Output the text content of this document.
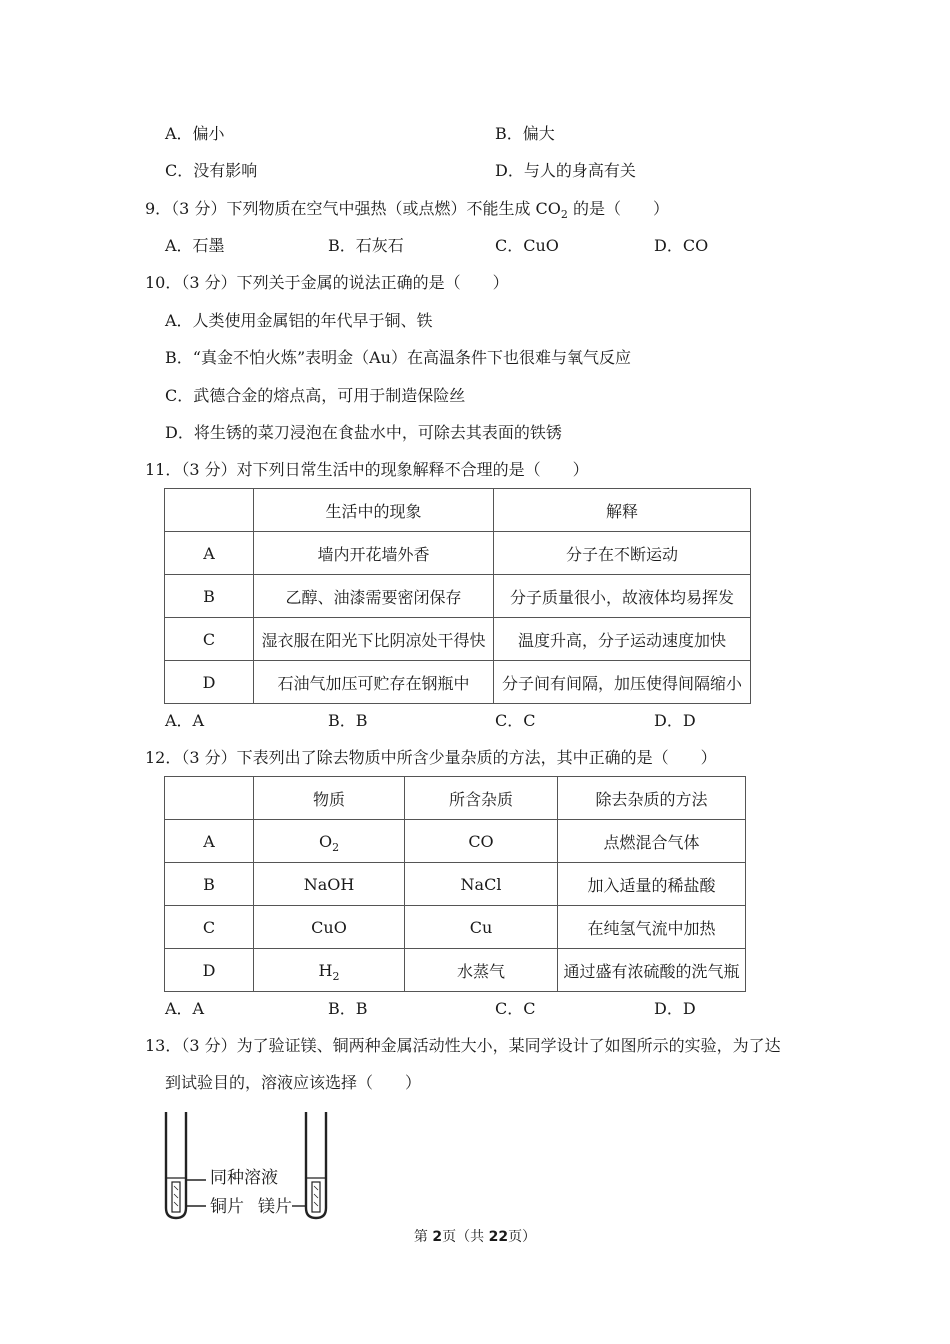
A．偏小	B．偏大
C．没有影响	D．与人的身高有关
9．（3 分）下列物质在空气中强热（或点燃）不能生成 $CO_2$ 的是（　　）
A．石墨	B．石灰石	C．CuO	D．CO
10．（3 分）下列关于金属的说法正确的是（　　）
A．人类使用金属铝的年代早于铜、铁
B．“真金不怕火炼”表明金（Au）在高温条件下也很难与氧气反应
C．武德合金的熔点高，可用于制造保险丝
D．将生锈的菜刀浸泡在食盐水中，可除去其表面的铁锈
11．（3 分）对下列日常生活中的现象解释不合理的是（　　）
	生活中的现象	解释
A	墙内开花墙外香	分子在不断运动
B	乙醇、油漆需要密闭保存	分子质量很小，故液体均易挥发
C	湿衣服在阳光下比阴凉处干得快	温度升高，分子运动速度加快
D	石油气加压可贮存在钢瓶中	分子间有间隔，加压使得间隔缩小
A．A	B．B	C．C	D．D
12．（3 分）下表列出了除去物质中所含少量杂质的方法，其中正确的是（　　）
	物质	所含杂质	除去杂质的方法
A	$O_2$	CO	点燃混合气体
B	NaOH	NaCl	加入适量的稀盐酸
C	CuO	Cu	在纯氢气流中加热
D	$H_2$	水蒸气	通过盛有浓硫酸的洗气瓶
A．A	B．B	C．C	D．D
13．（3 分）为了验证镁、铜两种金属活动性大小，某同学设计了如图所示的实验，为了达
到试验目的，溶液应该选择（　　）
同种溶液
铜片 镁片
第 2页（共 22页）
